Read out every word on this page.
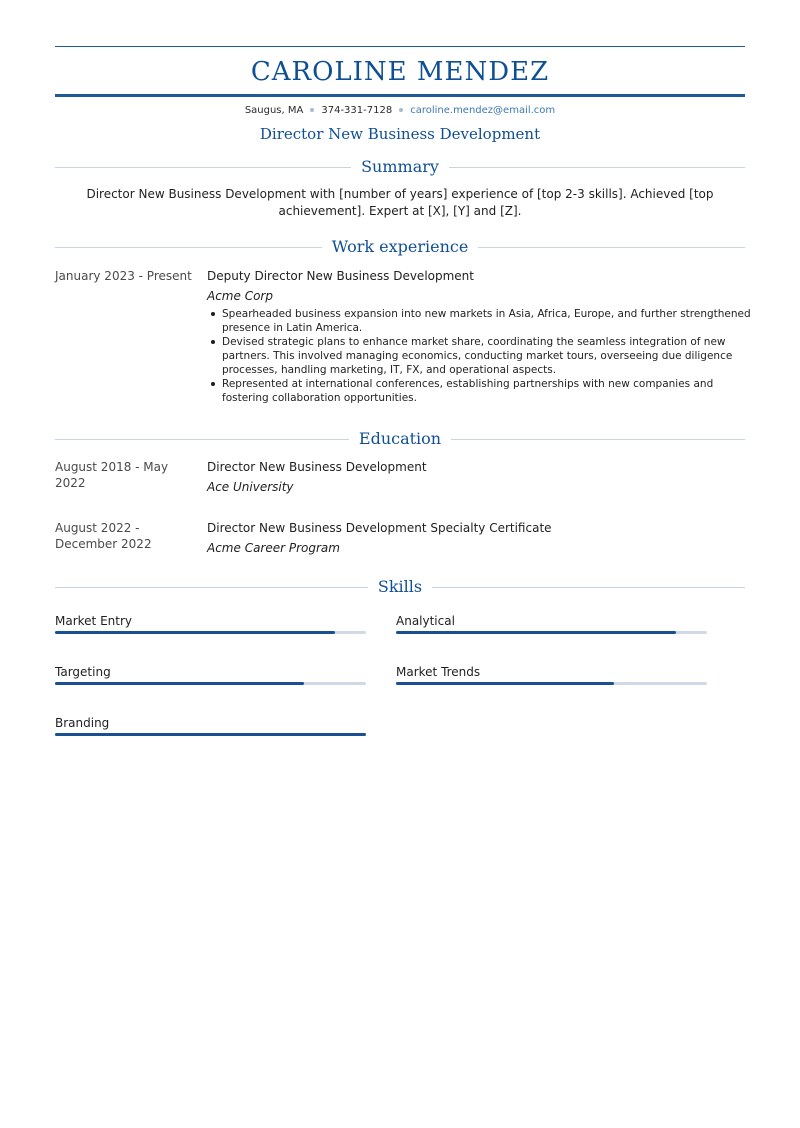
CAROLINE MENDEZ
Saugus, MA 374-331-7128 caroline.mendez@email.com
Director New Business Development
Summary
Director New Business Development with [number of years] experience of [top 2-3 skills]. Achieved [top achievement]. Expert at [X], [Y] and [Z].
Work experience
January 2023 - Present Deputy Director New Business Development
Acme Corp
Spearheaded business expansion into new markets in Asia, Africa, Europe, and further strengthened presence in Latin America.
Devised strategic plans to enhance market share, coordinating the seamless integration of new partners. This involved managing economics, conducting market tours, overseeing due diligence processes, handling marketing, IT, FX, and operational aspects.
Represented at international conferences, establishing partnerships with new companies and fostering collaboration opportunities.
Education
August 2018 - May 2022
Director New Business Development
Ace University
August 2022 - December 2022
Director New Business Development Specialty Certificate
Acme Career Program
Skills
Market Entry	Analytical
Targeting	Market Trends
Branding
